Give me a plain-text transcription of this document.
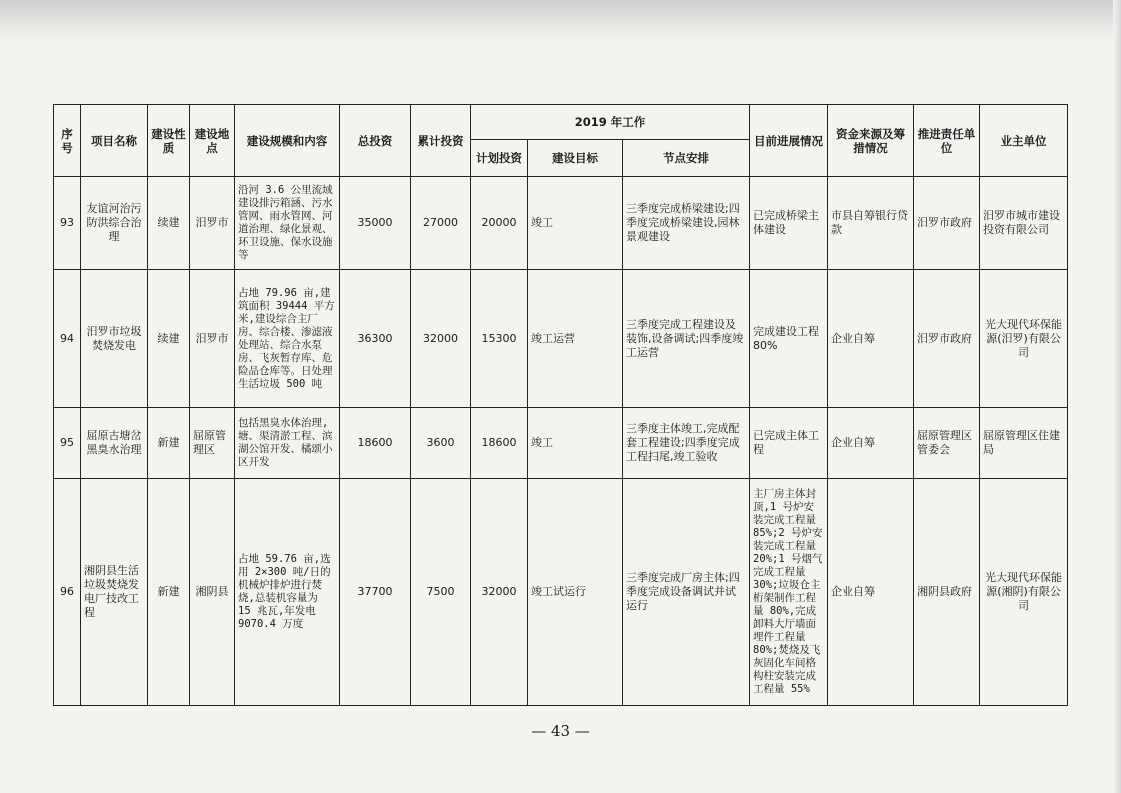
序号	项目名称	建设性质	建设地点	建设规模和内容	总投资	累计投资	2019 年工作			目前进展情况	资金来源及筹措情况	推进责任单　位	业主单位
							计划投资	建设目标	节点安排				
93	友谊河治污防洪综合治理	续建	汨罗市	沿河 3.6 公里流域建设排污箱涵、污水管网、雨水管网、河道治理、绿化景观、环卫设施、保水设施等	35000	27000	20000	竣工	三季度完成桥梁建设;四季度完成桥梁建设,园林景观建设	已完成桥梁主体建设	市县自筹银行贷款	汨罗市政府	汨罗市城市建设投资有限公司
94	汨罗市垃圾焚烧发电	续建	汨罗市	占地 79.96 亩,建筑面积 39444 平方米,建设综合主厂房、综合楼、渗滤液处理站、综合水泵房、飞灰暂存库、危险品仓库等。日处理生活垃圾 500 吨	36300	32000	15300	竣工运营	三季度完成工程建设及装饰,设备调试;四季度竣工运营	完成建设工程80%	企业自筹	汨罗市政府	光大现代环保能源(汨罗)有限公司
95	屈原古塘岔黑臭水治理	新建	屈原管理区	包括黑臭水体治理,塘、渠清淤工程、滨湖公馆开发、橘颂小区开发	18600	3600	18600	竣工	三季度主体竣工,完成配套工程建设;四季度完成工程扫尾,竣工验收	已完成主体工程	企业自筹	屈原管理区管委会	屈原管理区住建局
96	湘阴县生活垃圾焚烧发电厂技改工程	新建	湘阴县	占地 59.76 亩,选用 2×300 吨/日的机械炉排炉进行焚烧,总装机容量为 15 兆瓦,年发电 9070.4 万度	37700	7500	32000	竣工试运行	三季度完成厂房主体;四季度完成设备调试并试运行	主厂房主体封顶,1 号炉安装完成工程量 85%;2 号炉安装完成工程量 20%;1 号烟气完成工程量 30%;垃圾仓主桁架制作工程量 80%,完成卸料大厅墙面埋件工程量 80%;焚烧及飞灰固化车间格构柱安装完成工程量 55%	企业自筹	湘阴县政府	光大现代环保能源(湘阴)有限公司
— 43 —
